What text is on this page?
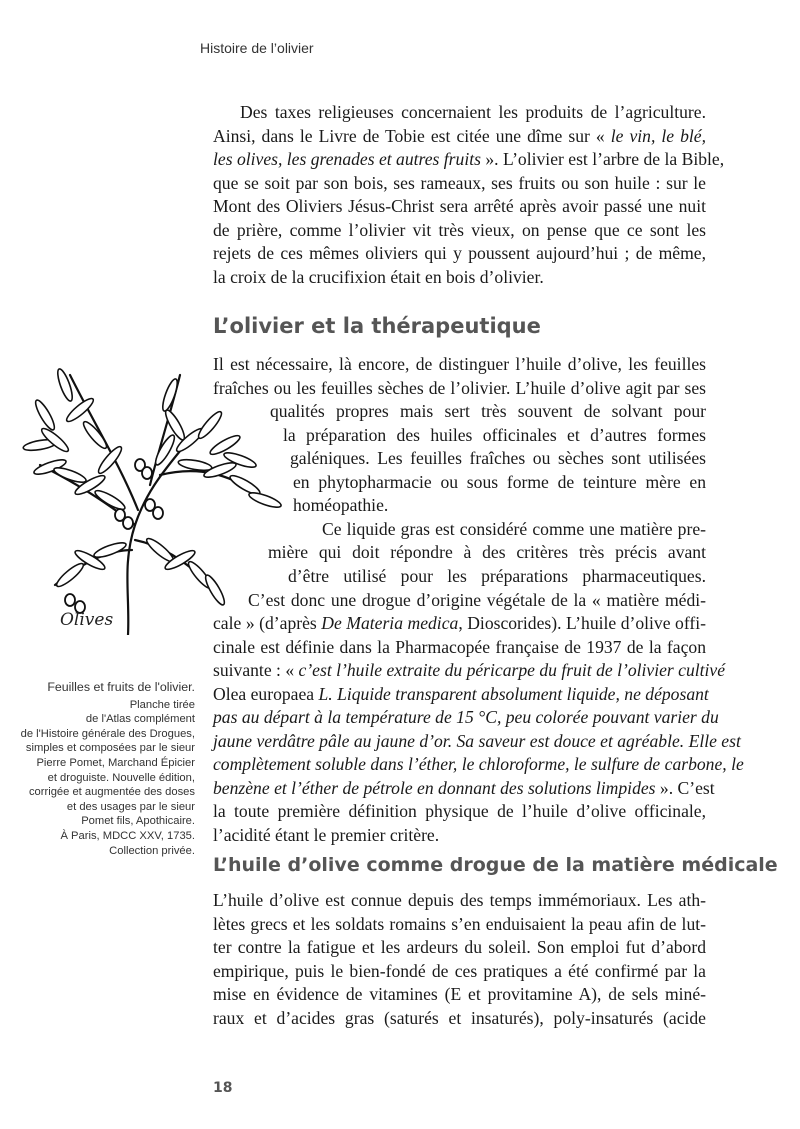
Histoire de l’olivier
Des taxes religieuses concernaient les produits de l’agriculture.
Ainsi, dans le Livre de Tobie est citée une dîme sur « le vin, le blé,
les olives, les grenades et autres fruits ». L’olivier est l’arbre de la Bible,
que se soit par son bois, ses rameaux, ses fruits ou son huile : sur le
Mont des Oliviers Jésus-Christ sera arrêté après avoir passé une nuit
de prière, comme l’olivier vit très vieux, on pense que ce sont les
rejets de ces mêmes oliviers qui y poussent aujourd’hui ; de même,
la croix de la crucifixion était en bois d’olivier.
L’olivier et la thérapeutique
Il est nécessaire, là encore, de distinguer l’huile d’olive, les feuilles
fraîches ou les feuilles sèches de l’olivier. L’huile d’olive agit par ses
qualités propres mais sert très souvent de solvant pour
la préparation des huiles officinales et d’autres formes
galéniques. Les feuilles fraîches ou sèches sont utilisées
en phytopharmacie ou sous forme de teinture mère en
homéopathie.
Ce liquide gras est considéré comme une matière pre-
mière qui doit répondre à des critères très précis avant
d’être utilisé pour les préparations pharmaceutiques.
C’est donc une drogue d’origine végétale de la « matière médi-
cale » (d’après De Materia medica, Dioscorides). L’huile d’olive offi-
cinale est définie dans la Pharmacopée française de 1937 de la façon
suivante : « c’est l’huile extraite du péricarpe du fruit de l’olivier cultivé
Olea europaea L. Liquide transparent absolument liquide, ne déposant
pas au départ à la température de 15 °C, peu colorée pouvant varier du
jaune verdâtre pâle au jaune d’or. Sa saveur est douce et agréable. Elle est
complètement soluble dans l’éther, le chloroforme, le sulfure de carbone, le
benzène et l’éther de pétrole en donnant des solutions limpides ». C’est
la toute première définition physique de l’huile d’olive officinale,
l’acidité étant le premier critère.
L’huile d’olive comme drogue de la matière médicale
L’huile d’olive est connue depuis des temps immémoriaux. Les ath-
lètes grecs et les soldats romains s’en enduisaient la peau afin de lut-
ter contre la fatigue et les ardeurs du soleil. Son emploi fut d’abord
empirique, puis le bien-fondé de ces pratiques a été confirmé par la
mise en évidence de vitamines (E et provitamine A), de sels miné-
raux et d’acides gras (saturés et insaturés), poly-insaturés (acide
Olives
Feuilles et fruits de l'olivier.
Planche tirée
de l'Atlas complément
de l'Histoire générale des Drogues,
simples et composées par le sieur
Pierre Pomet, Marchand Épicier
et droguiste. Nouvelle édition,
corrigée et augmentée des doses
et des usages par le sieur
Pomet fils, Apothicaire.
À Paris, MDCC XXV, 1735.
Collection privée.
18
